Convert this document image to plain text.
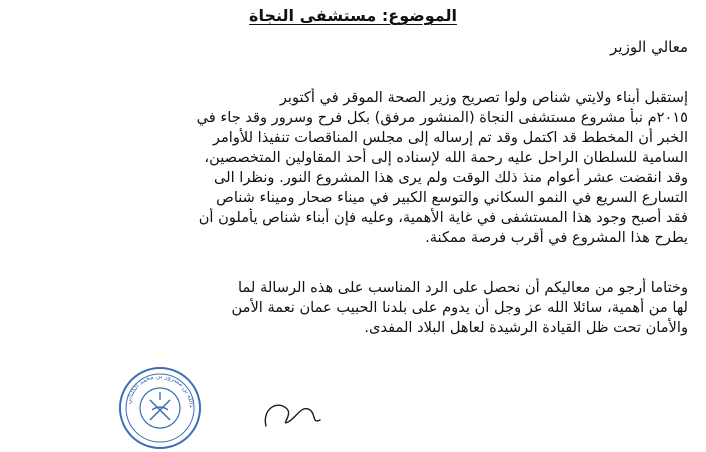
الموضوع: مستشفى النجاة
معالي الوزير
إستقبل أبناء ولايتي شناص ولوا تصريح وزير الصحة الموقر في أكتوبر
٢٠١٥م نبأ مشروع مستشفى النجاة (المنشور مرفق) بكل فرح وسرور وقد جاء في
الخبر أن المخطط قد اكتمل وقد تم إرساله إلى مجلس المناقصات تنفيذا للأوامر
السامية للسلطان الراحل عليه رحمة الله لإسناده إلى أحد المقاولين المتخصصين،
وقد انقضت عشر أعوام منذ ذلك الوقت ولم يرى هذا المشروع النور. ونظرا الى
التسارع السريع في النمو السكاني والتوسع الكبير في ميناء صحار وميناء شناص
فقد أصبح وجود هذا المستشفى في غاية الأهمية، وعليه فإن أبناء شناص يأملون أن
يطرح هذا المشروع في أقرب فرصة ممكنة.
وختاما أرجو من معاليكم أن نحصل على الرد المناسب على هذه الرسالة لما
لها من أهمية، سائلا الله عز وجل أن يدوم على بلدنا الحبيب عمان نعمة الأمن
والأمان تحت ظل القيادة الرشيدة لعاهل البلاد المفدى.
دالله بن مسرور بن محمد الكلباني
